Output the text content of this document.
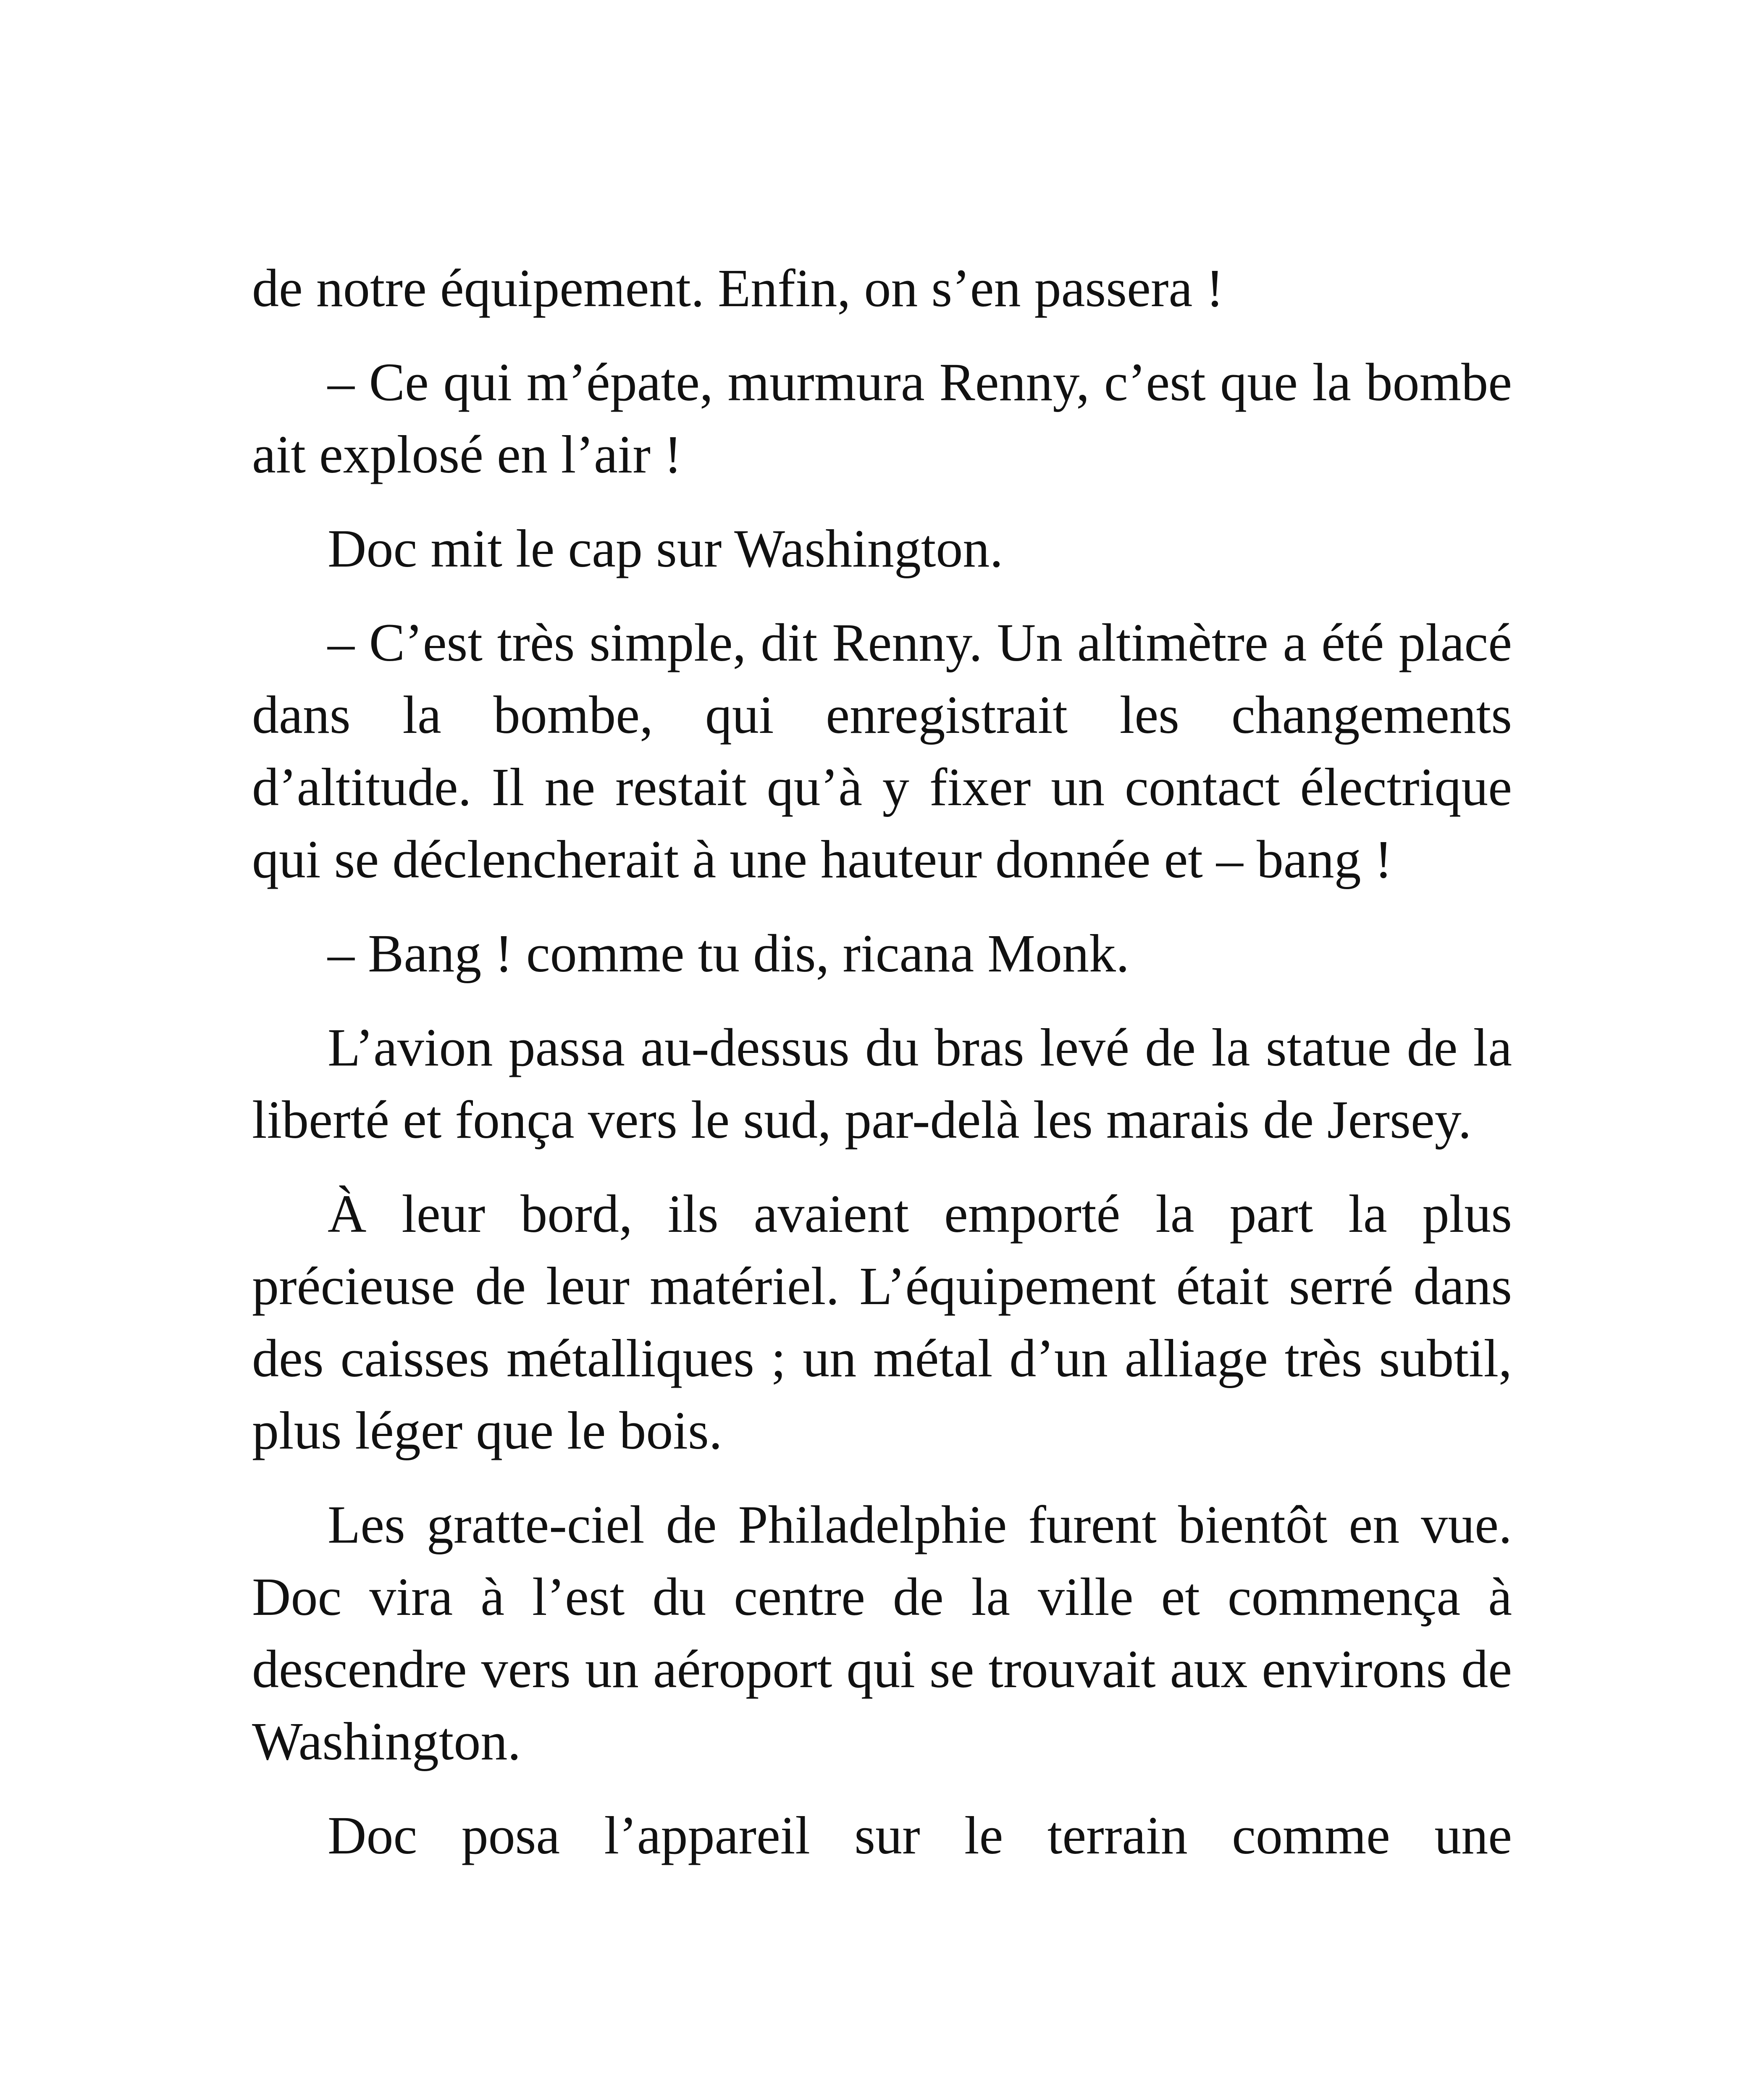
de notre équipement. Enfin, on s’en passera !

– Ce qui m’épate, murmura Renny, c’est que la bombe ait explosé en l’air !

Doc mit le cap sur Washington.

– C’est très simple, dit Renny. Un altimètre a été placé dans la bombe, qui enregistrait les changements d’altitude. Il ne restait qu’à y fixer un contact électrique qui se déclencherait à une hauteur donnée et – bang !

– Bang ! comme tu dis, ricana Monk.

L’avion passa au-dessus du bras levé de la statue de la liberté et fonça vers le sud, par-delà les marais de Jersey.

À leur bord, ils avaient emporté la part la plus précieuse de leur matériel. L’équipement était serré dans des caisses métalliques ; un métal d’un alliage très subtil, plus léger que le bois.

Les gratte-ciel de Philadelphie furent bientôt en vue. Doc vira à l’est du centre de la ville et commença à descendre vers un aéroport qui se trouvait aux environs de Washington.

Doc posa l’appareil sur le terrain comme une
